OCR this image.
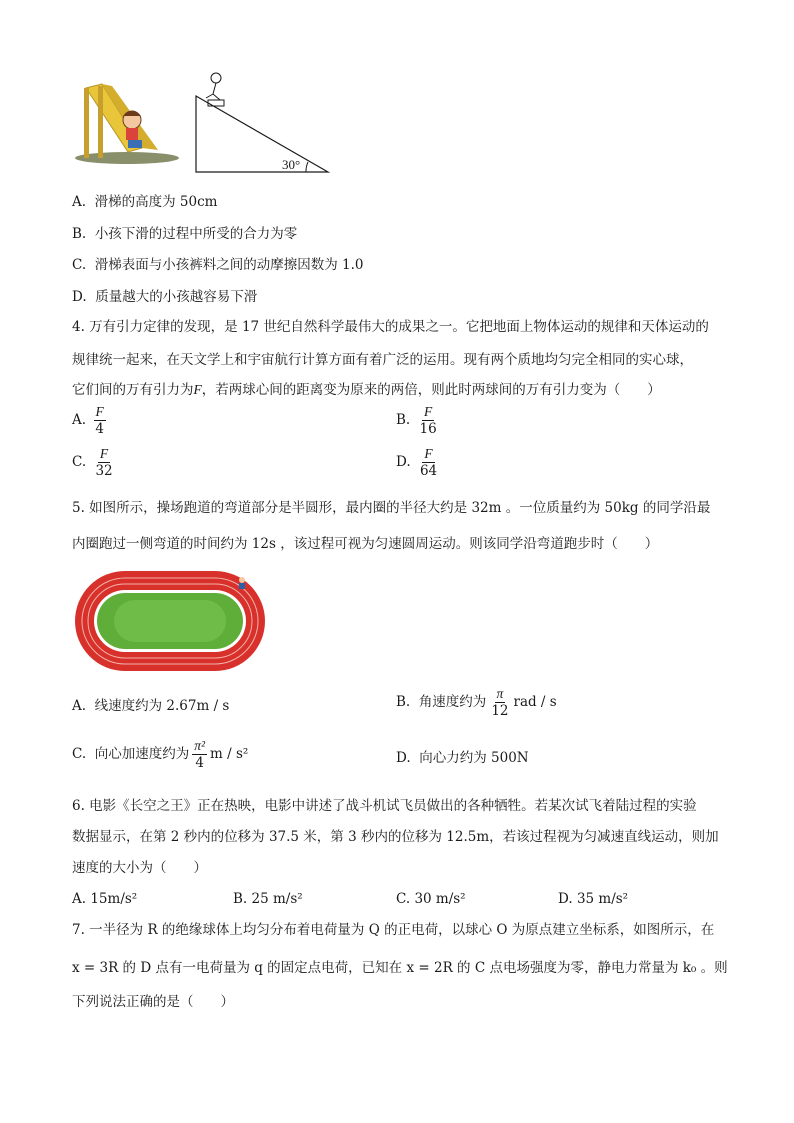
30°
A. 滑梯的高度为 50cm
B. 小孩下滑的过程中所受的合力为零
C. 滑梯表面与小孩裤料之间的动摩擦因数为 1.0
D. 质量越大的小孩越容易下滑
4. 万有引力定律的发现，是 17 世纪自然科学最伟大的成果之一。它把地面上物体运动的规律和天体运动的
规律统一起来，在天文学上和宇宙航行计算方面有着广泛的运用。现有两个质地均匀完全相同的实心球，
它们间的万有引力为F，若两球心间的距离变为原来的两倍，则此时两球间的万有引力变为（　　）
A. $\frac{F}{4}$	B. $\frac{F}{16}$
C. $\frac{F}{32}$	D. $\frac{F}{64}$
5. 如图所示，操场跑道的弯道部分是半圆形，最内圈的半径大约是 32m 。一位质量约为 50kg 的同学沿最
内圈跑过一侧弯道的时间约为 12s ，该过程可视为匀速圆周运动。则该同学沿弯道跑步时（　　）
A. 线速度约为 2.67m / s	B. 角速度约为 $\frac{\pi}{12}$ rad / s
C. 向心加速度约为 $\frac{\text{π²}}{4}$ m / s²	D. 向心力约为 500N
6. 电影《长空之王》正在热映，电影中讲述了战斗机试飞员做出的各种牺牲。若某次试飞着陆过程的实验
数据显示，在第 2 秒内的位移为 37.5 米，第 3 秒内的位移为 12.5m，若该过程视为匀减速直线运动，则加
速度的大小为（　　）
A. 15m/s²	B. 25 m/s²	C. 30 m/s²	D. 35 m/s²
7. 一半径为 R 的绝缘球体上均匀分布着电荷量为 Q 的正电荷，以球心 O 为原点建立坐标系，如图所示，在
x = 3R 的 D 点有一电荷量为 q 的固定点电荷，已知在 x = 2R 的 C 点电场强度为零，静电力常量为 k₀ 。则
下列说法正确的是（　　）
